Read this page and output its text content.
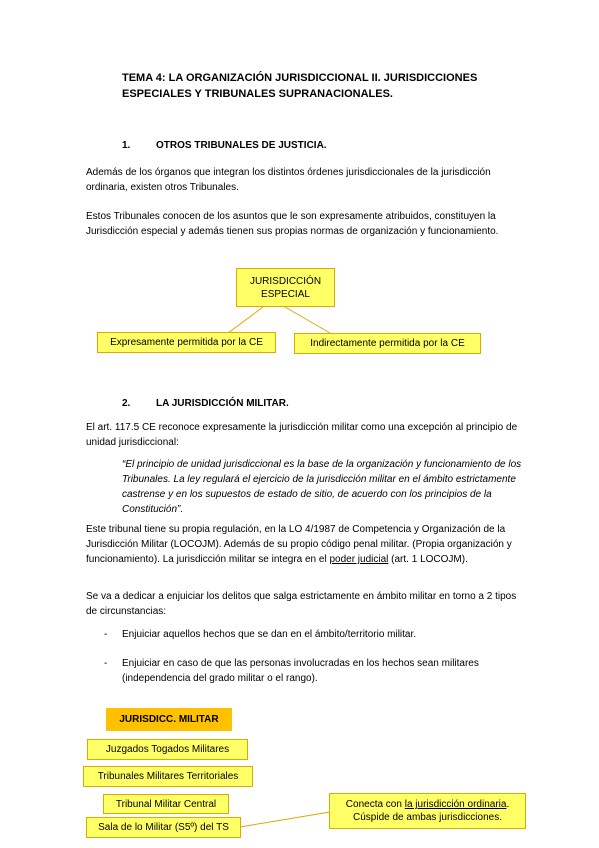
TEMA 4: LA ORGANIZACIÓN JURISDICCIONAL II. JURISDICCIONES ESPECIALES Y TRIBUNALES SUPRANACIONALES.
1.	OTROS TRIBUNALES DE JUSTICIA.
Además de los órganos que integran los distintos órdenes jurisdiccionales de la jurisdicción ordinaria, existen otros Tribunales.
Estos Tribunales conocen de los asuntos que le son expresamente atribuidos, constituyen la Jurisdicción especial y además tienen sus propias normas de organización y funcionamiento.
JURISDICCIÓN ESPECIAL
Expresamente permitida por la CE	Indirectamente permitida por la CE
2.	LA JURISDICCIÓN MILITAR.
El art. 117.5 CE reconoce expresamente la jurisdicción militar como una excepción al principio de unidad jurisdiccional:
“El principio de unidad jurisdiccional es la base de la organización y funcionamiento de los Tribunales. La ley regulará el ejercicio de la jurisdicción militar en el ámbito estrictamente castrense y en los supuestos de estado de sitio, de acuerdo con los principios de la Constitución”.
Este tribunal tiene su propia regulación, en la LO 4/1987 de Competencia y Organización de la Jurisdicción Militar (LOCOJM). Además de su propio código penal militar. (Propia organización y funcionamiento). La jurisdicción militar se integra en el poder judicial (art. 1 LOCOJM).
Se va a dedicar a enjuiciar los delitos que salga estrictamente en ámbito militar en torno a 2 tipos de circunstancias:
- Enjuiciar aquellos hechos que se dan en el ámbito/territorio militar.
- Enjuiciar en caso de que las personas involucradas en los hechos sean militares (independencia del grado militar o el rango).
JURISDICC. MILITAR
Juzgados Togados Militares
Tribunales Militares Territoriales
Tribunal Militar Central
Sala de lo Militar (S5º) del TS
Conecta con la jurisdicción ordinaria.
Cúspide de ambas jurisdicciones.
